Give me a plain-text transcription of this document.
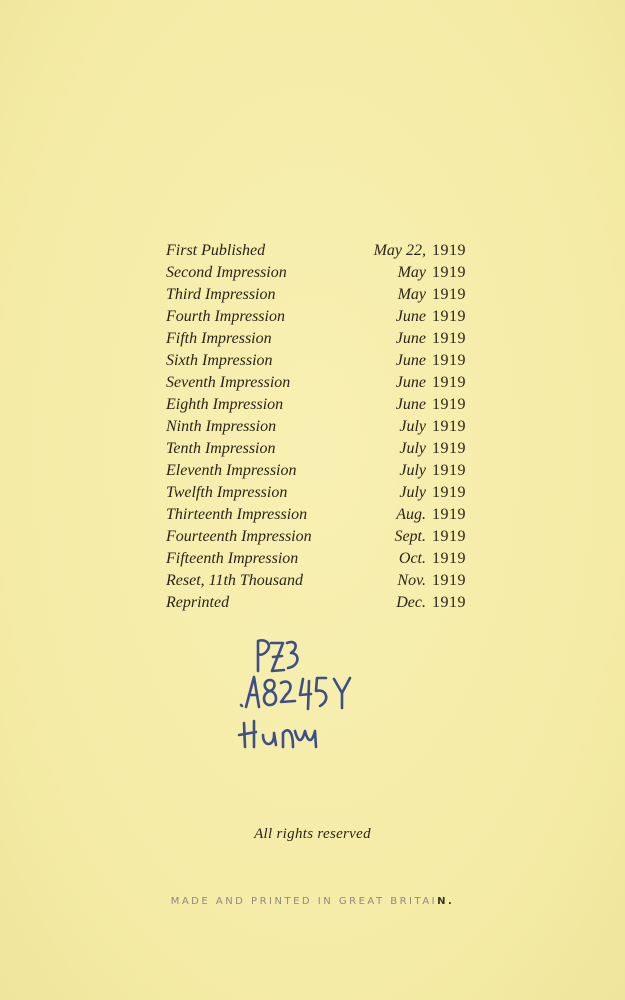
First Published	May 22, 1919
Second Impression	May 1919
Third Impression	May 1919
Fourth Impression	June 1919
Fifth Impression	June 1919
Sixth Impression	June 1919
Seventh Impression	June 1919
Eighth Impression	June 1919
Ninth Impression	July 1919
Tenth Impression	July 1919
Eleventh Impression	July 1919
Twelfth Impression	July 1919
Thirteenth Impression	Aug. 1919
Fourteenth Impression	Sept. 1919
Fifteenth Impression	Oct. 1919
Reset, 11th Thousand	Nov. 1919
Reprinted	Dec. 1919
All rights reserved
MADE AND PRINTED IN GREAT BRITAIN.
